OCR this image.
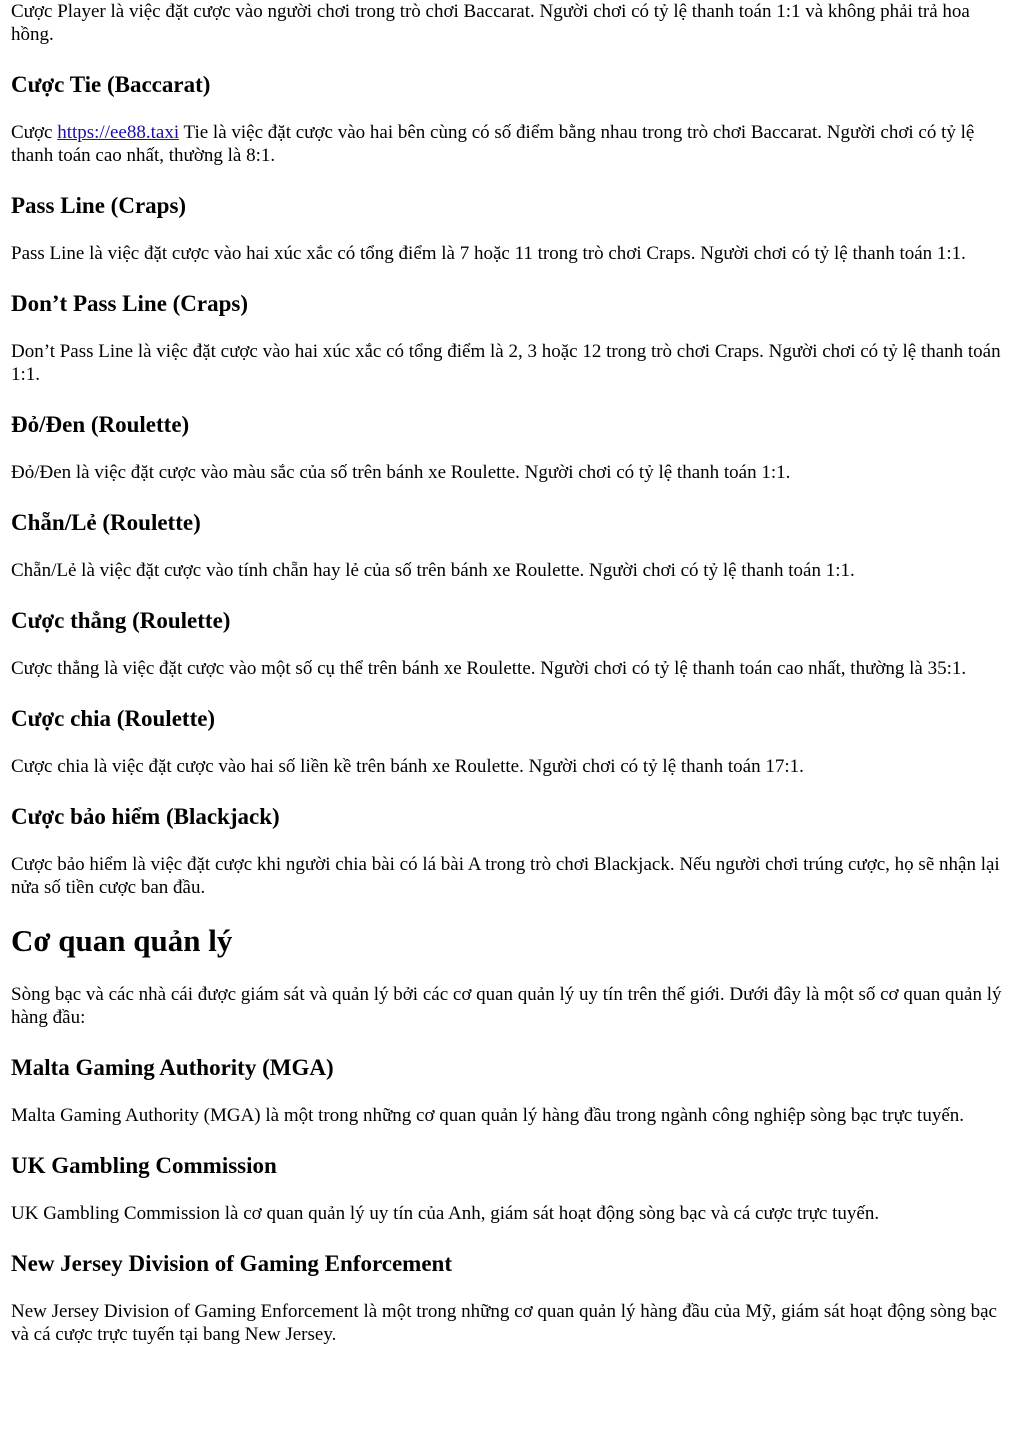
Cược Player là việc đặt cược vào người chơi trong trò chơi Baccarat. Người chơi có tỷ lệ thanh toán 1:1 và không phải trả hoa hồng.

Cược Tie (Baccarat)

Cược https://ee88.taxi Tie là việc đặt cược vào hai bên cùng có số điểm bằng nhau trong trò chơi Baccarat. Người chơi có tỷ lệ thanh toán cao nhất, thường là 8:1.

Pass Line (Craps)

Pass Line là việc đặt cược vào hai xúc xắc có tổng điểm là 7 hoặc 11 trong trò chơi Craps. Người chơi có tỷ lệ thanh toán 1:1.

Don’t Pass Line (Craps)

Don’t Pass Line là việc đặt cược vào hai xúc xắc có tổng điểm là 2, 3 hoặc 12 trong trò chơi Craps. Người chơi có tỷ lệ thanh toán 1:1.

Đỏ/Đen (Roulette)

Đỏ/Đen là việc đặt cược vào màu sắc của số trên bánh xe Roulette. Người chơi có tỷ lệ thanh toán 1:1.

Chẵn/Lẻ (Roulette)

Chẵn/Lẻ là việc đặt cược vào tính chẵn hay lẻ của số trên bánh xe Roulette. Người chơi có tỷ lệ thanh toán 1:1.

Cược thẳng (Roulette)

Cược thẳng là việc đặt cược vào một số cụ thể trên bánh xe Roulette. Người chơi có tỷ lệ thanh toán cao nhất, thường là 35:1.

Cược chia (Roulette)

Cược chia là việc đặt cược vào hai số liền kề trên bánh xe Roulette. Người chơi có tỷ lệ thanh toán 17:1.

Cược bảo hiểm (Blackjack)

Cược bảo hiểm là việc đặt cược khi người chia bài có lá bài A trong trò chơi Blackjack. Nếu người chơi trúng cược, họ sẽ nhận lại nửa số tiền cược ban đầu.

Cơ quan quản lý

Sòng bạc và các nhà cái được giám sát và quản lý bởi các cơ quan quản lý uy tín trên thế giới. Dưới đây là một số cơ quan quản lý hàng đầu:

Malta Gaming Authority (MGA)

Malta Gaming Authority (MGA) là một trong những cơ quan quản lý hàng đầu trong ngành công nghiệp sòng bạc trực tuyến.

UK Gambling Commission

UK Gambling Commission là cơ quan quản lý uy tín của Anh, giám sát hoạt động sòng bạc và cá cược trực tuyến.

New Jersey Division of Gaming Enforcement

New Jersey Division of Gaming Enforcement là một trong những cơ quan quản lý hàng đầu của Mỹ, giám sát hoạt động sòng bạc và cá cược trực tuyến tại bang New Jersey.
